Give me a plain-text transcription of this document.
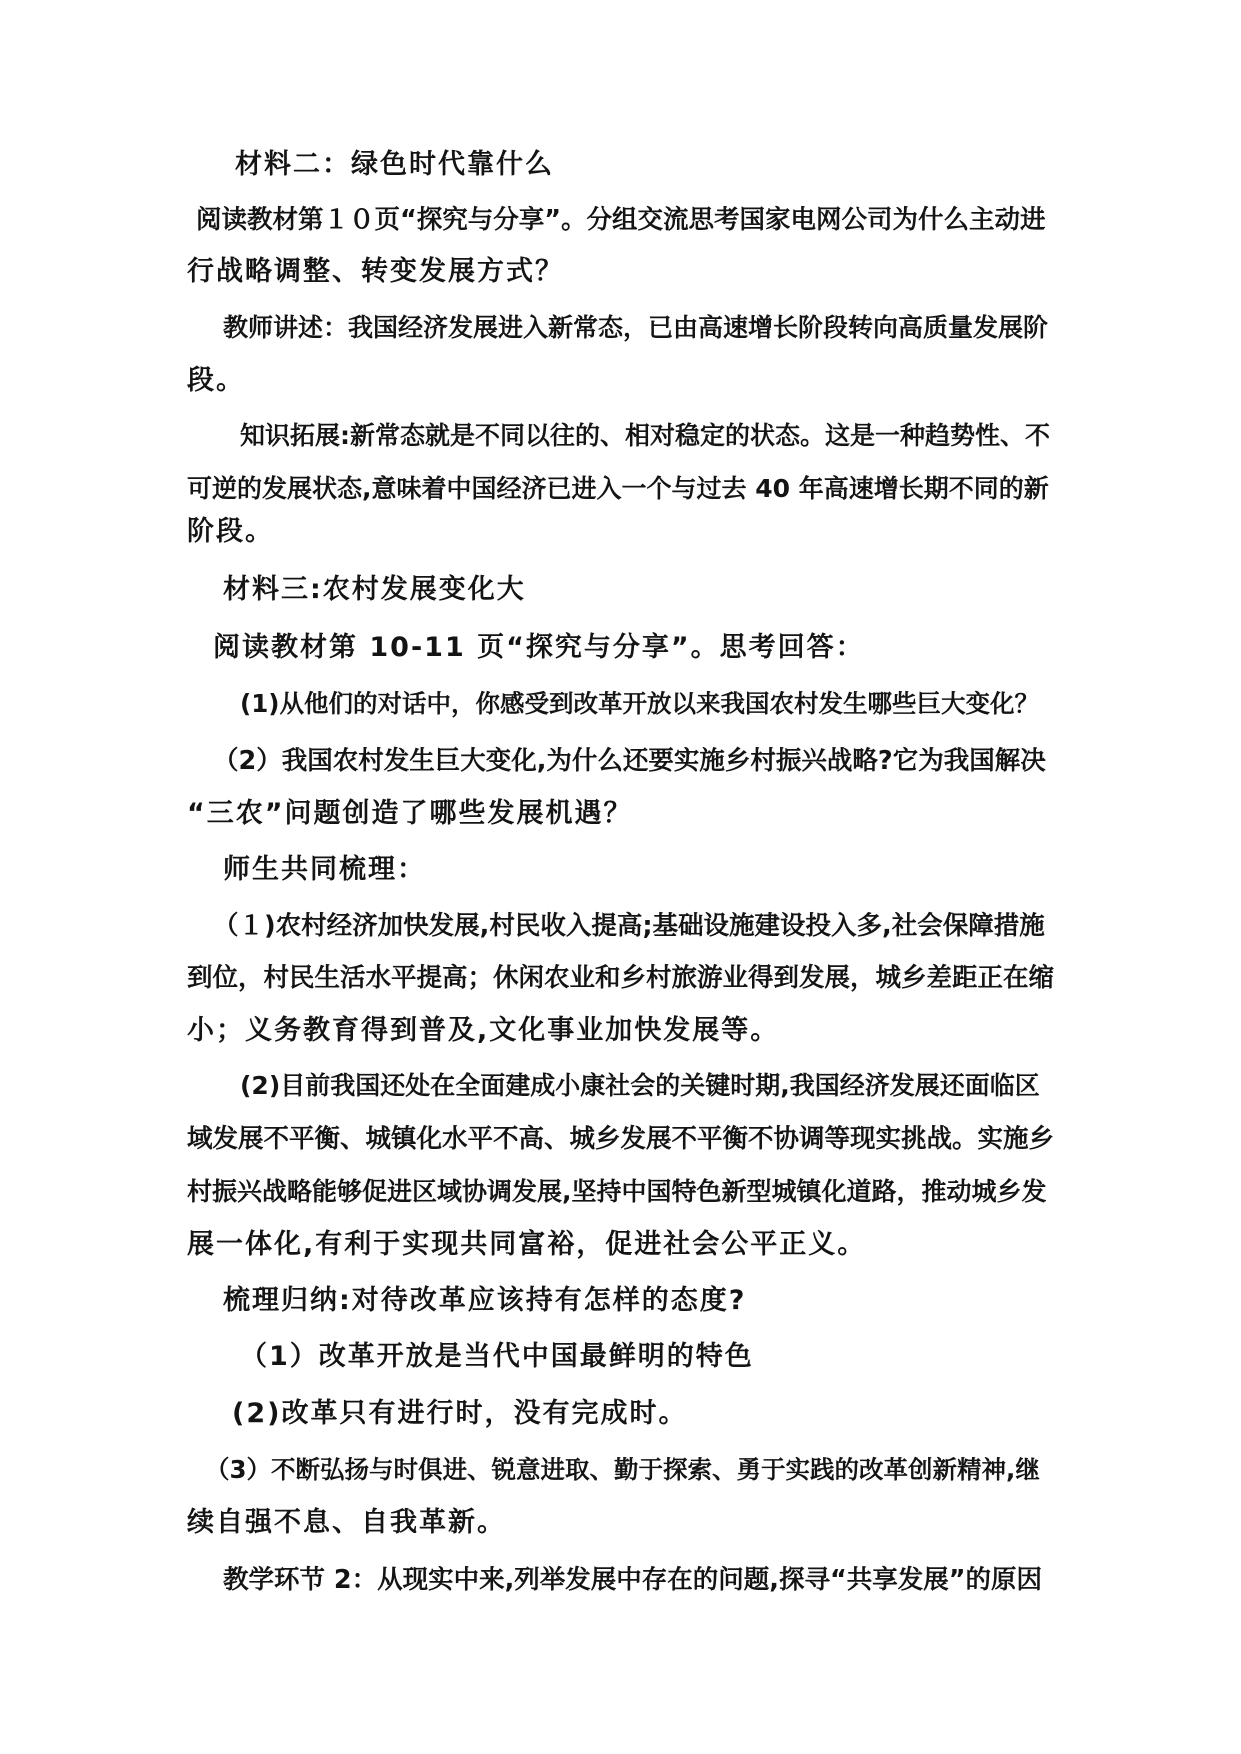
材料二：绿色时代靠什么
阅读教材第１０页“探究与分享”。分组交流思考国家电网公司为什么主动进
行战略调整、转变发展方式？
教师讲述：我国经济发展进入新常态，已由高速增长阶段转向高质量发展阶
段。
知识拓展:新常态就是不同以往的、相对稳定的状态。这是一种趋势性、不
可逆的发展状态,意味着中国经济已进入一个与过去 40 年高速增长期不同的新
阶段。
材料三:农村发展变化大
阅读教材第 10-11 页“探究与分享”。思考回答：
(1)从他们的对话中，你感受到改革开放以来我国农村发生哪些巨大变化？
（2）我国农村发生巨大变化,为什么还要实施乡村振兴战略?它为我国解决
“三农”问题创造了哪些发展机遇？
师生共同梳理：
（１)农村经济加快发展,村民收入提高;基础设施建设投入多,社会保障措施
到位，村民生活水平提高；休闲农业和乡村旅游业得到发展，城乡差距正在缩
小；义务教育得到普及,文化事业加快发展等。
(2)目前我国还处在全面建成小康社会的关键时期,我国经济发展还面临区
域发展不平衡、城镇化水平不高、城乡发展不平衡不协调等现实挑战。实施乡
村振兴战略能够促进区域协调发展,坚持中国特色新型城镇化道路，推动城乡发
展一体化,有利于实现共同富裕，促进社会公平正义。
梳理归纳:对待改革应该持有怎样的态度?
（1）改革开放是当代中国最鲜明的特色
(2)改革只有进行时，没有完成时。
（3）不断弘扬与时俱进、锐意进取、勤于探索、勇于实践的改革创新精神,继
续自强不息、自我革新。
教学环节 2：从现实中来,列举发展中存在的问题,探寻“共享发展”的原因
